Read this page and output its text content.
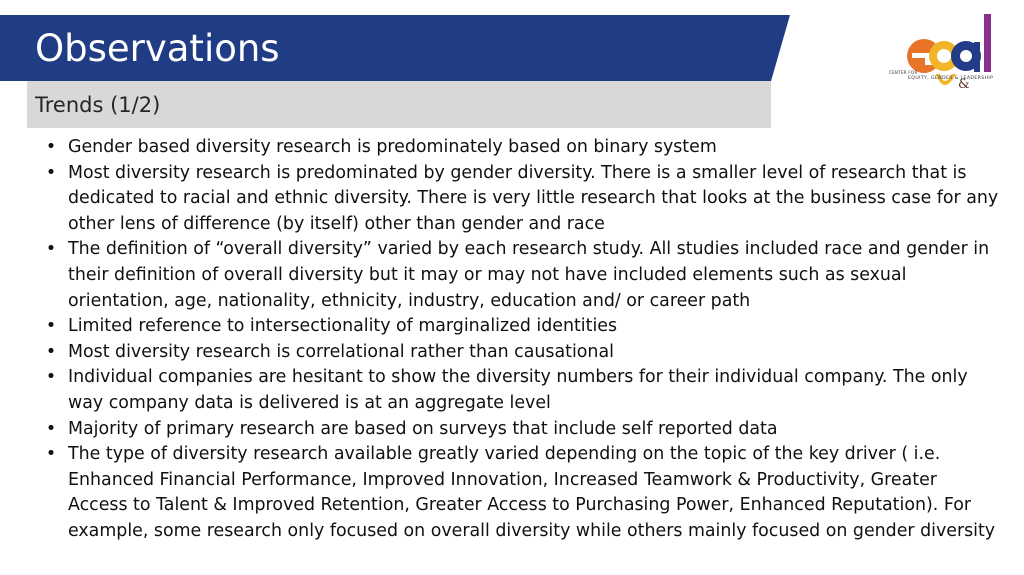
Observations
Trends (1/2)
&
CENTER FOR
EQUITY, GENDER & LEADERSHIP
• Gender based diversity research is predominately based on binary system
• Most diversity research is predominated by gender diversity. There is a smaller level of research that is dedicated to racial and ethnic diversity. There is very little research that looks at the business case for any other lens of difference (by itself) other than gender and race
• The definition of “overall diversity” varied by each research study. All studies included race and gender in their definition of overall diversity but it may or may not have included elements such as sexual orientation, age, nationality, ethnicity, industry, education and/ or career path
• Limited reference to intersectionality of marginalized identities
• Most diversity research is correlational rather than causational
• Individual companies are hesitant to show the diversity numbers for their individual company. The only way company data is delivered is at an aggregate level
• Majority of primary research are based on surveys that include self reported data
• The type of diversity research available greatly varied depending on the topic of the key driver ( i.e. Enhanced Financial Performance, Improved Innovation, Increased Teamwork & Productivity, Greater Access to Talent & Improved Retention, Greater Access to Purchasing Power, Enhanced Reputation). For example, some research only focused on overall diversity while others mainly focused on gender diversity
